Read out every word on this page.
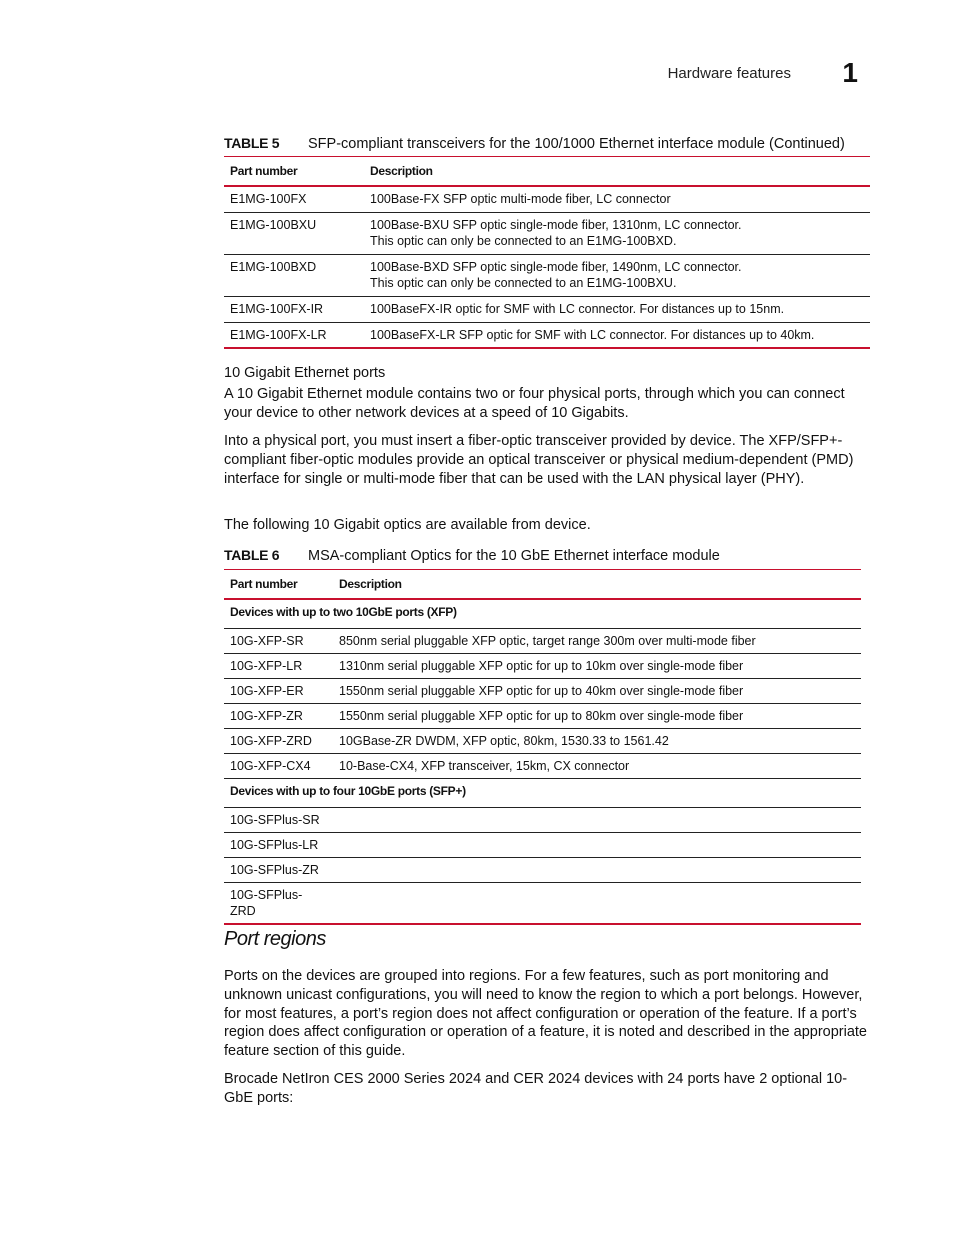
Hardware features 1
TABLE 5 SFP-compliant transceivers for the 100/1000 Ethernet interface module (Continued)
Part number	Description
E1MG-100FX	100Base-FX SFP optic multi-mode fiber, LC connector
E1MG-100BXU	100Base-BXU SFP optic single-mode fiber, 1310nm, LC connector.
This optic can only be connected to an E1MG-100BXD.

E1MG-100BXD	100Base-BXD SFP optic single-mode fiber, 1490nm, LC connector.
This optic can only be connected to an E1MG-100BXU.

E1MG-100FX-IR	100BaseFX-IR optic for SMF with LC connector. For distances up to 15nm.
E1MG-100FX-LR	100BaseFX-LR SFP optic for SMF with LC connector. For distances up to 40km.
10 Gigabit Ethernet ports

A 10 Gigabit Ethernet module contains two or four physical ports, through which you can connect your device to other network devices at a speed of 10 Gigabits.

Into a physical port, you must insert a fiber-optic transceiver provided by device. The XFP/SFP+-compliant fiber-optic modules provide an optical transceiver or physical medium-dependent (PMD) interface for single or multi-mode fiber that can be used with the LAN physical layer (PHY).

The following 10 Gigabit optics are available from device.

TABLE 6 MSA-compliant Optics for the 10 GbE Ethernet interface module
Part number	Description
Devices with up to two 10GbE ports (XFP)	
10G-XFP-SR	850nm serial pluggable XFP optic, target range 300m over multi-mode fiber
10G-XFP-LR	1310nm serial pluggable XFP optic for up to 10km over single-mode fiber
10G-XFP-ER	1550nm serial pluggable XFP optic for up to 40km over single-mode fiber
10G-XFP-ZR	1550nm serial pluggable XFP optic for up to 80km over single-mode fiber
10G-XFP-ZRD	10GBase-ZR DWDM, XFP optic, 80km, 1530.33 to 1561.42
10G-XFP-CX4	10-Base-CX4, XFP transceiver, 15km, CX connector
Devices with up to four 10GbE ports (SFP+)	
10G-SFPlus-SR	
10G-SFPlus-LR	
10G-SFPlus-ZR	
10G-SFPlus-ZRD	
Port regions

Ports on the devices are grouped into regions. For a few features, such as port monitoring and unknown unicast configurations, you will need to know the region to which a port belongs. However, for most features, a port’s region does not affect configuration or operation of the feature. If a port’s region does affect configuration or operation of a feature, it is noted and described in the appropriate feature section of this guide.

Brocade NetIron CES 2000 Series 2024 and CER 2024 devices with 24 ports have 2 optional 10-GbE ports:
